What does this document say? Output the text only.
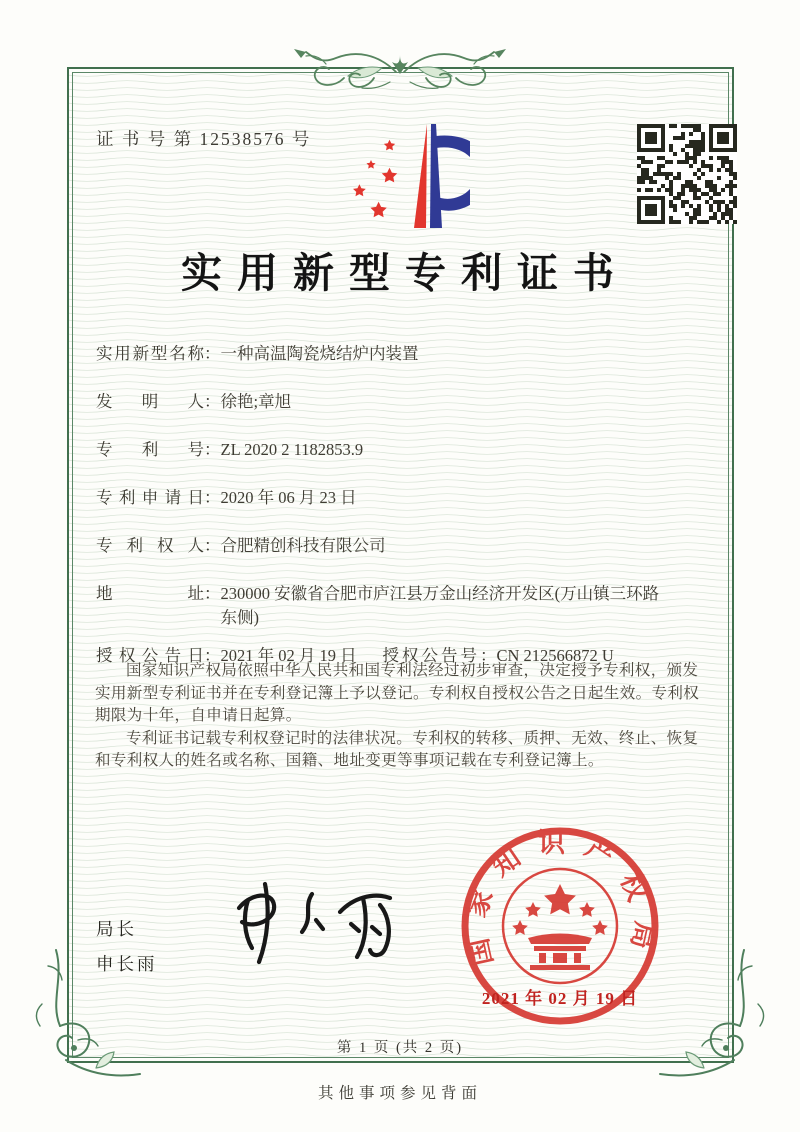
证 书 号 第 12538576 号
实用新型专利证书
实用新型名称 ： 一种高温陶瓷烧结炉内装置
发明人 ： 徐艳;章旭
专利号 ： ZL 2020 2 1182853.9
专利申请日 ： 2020 年 06 月 23 日
专利权人 ： 合肥精创科技有限公司
地址 ： 230000 安徽省合肥市庐江县万金山经济开发区(万山镇三环路东侧)
授权公告日 ： 2021 年 02 月 19 日	授权公告号 ： CN 212566872 U

国家知识产权局依照中华人民共和国专利法经过初步审查，决定授予专利权，颁发实用新型专利证书并在专利登记簿上予以登记。专利权自授权公告之日起生效。专利权期限为十年，自申请日起算。

专利证书记载专利权登记时的法律状况。专利权的转移、质押、无效、终止、恢复和专利权人的姓名或名称、国籍、地址变更等事项记载在专利登记簿上。

局长
申长雨	国家知识产权局
2021 年 02 月 19 日
第 1 页 (共 2 页)
其他事项参见背面
